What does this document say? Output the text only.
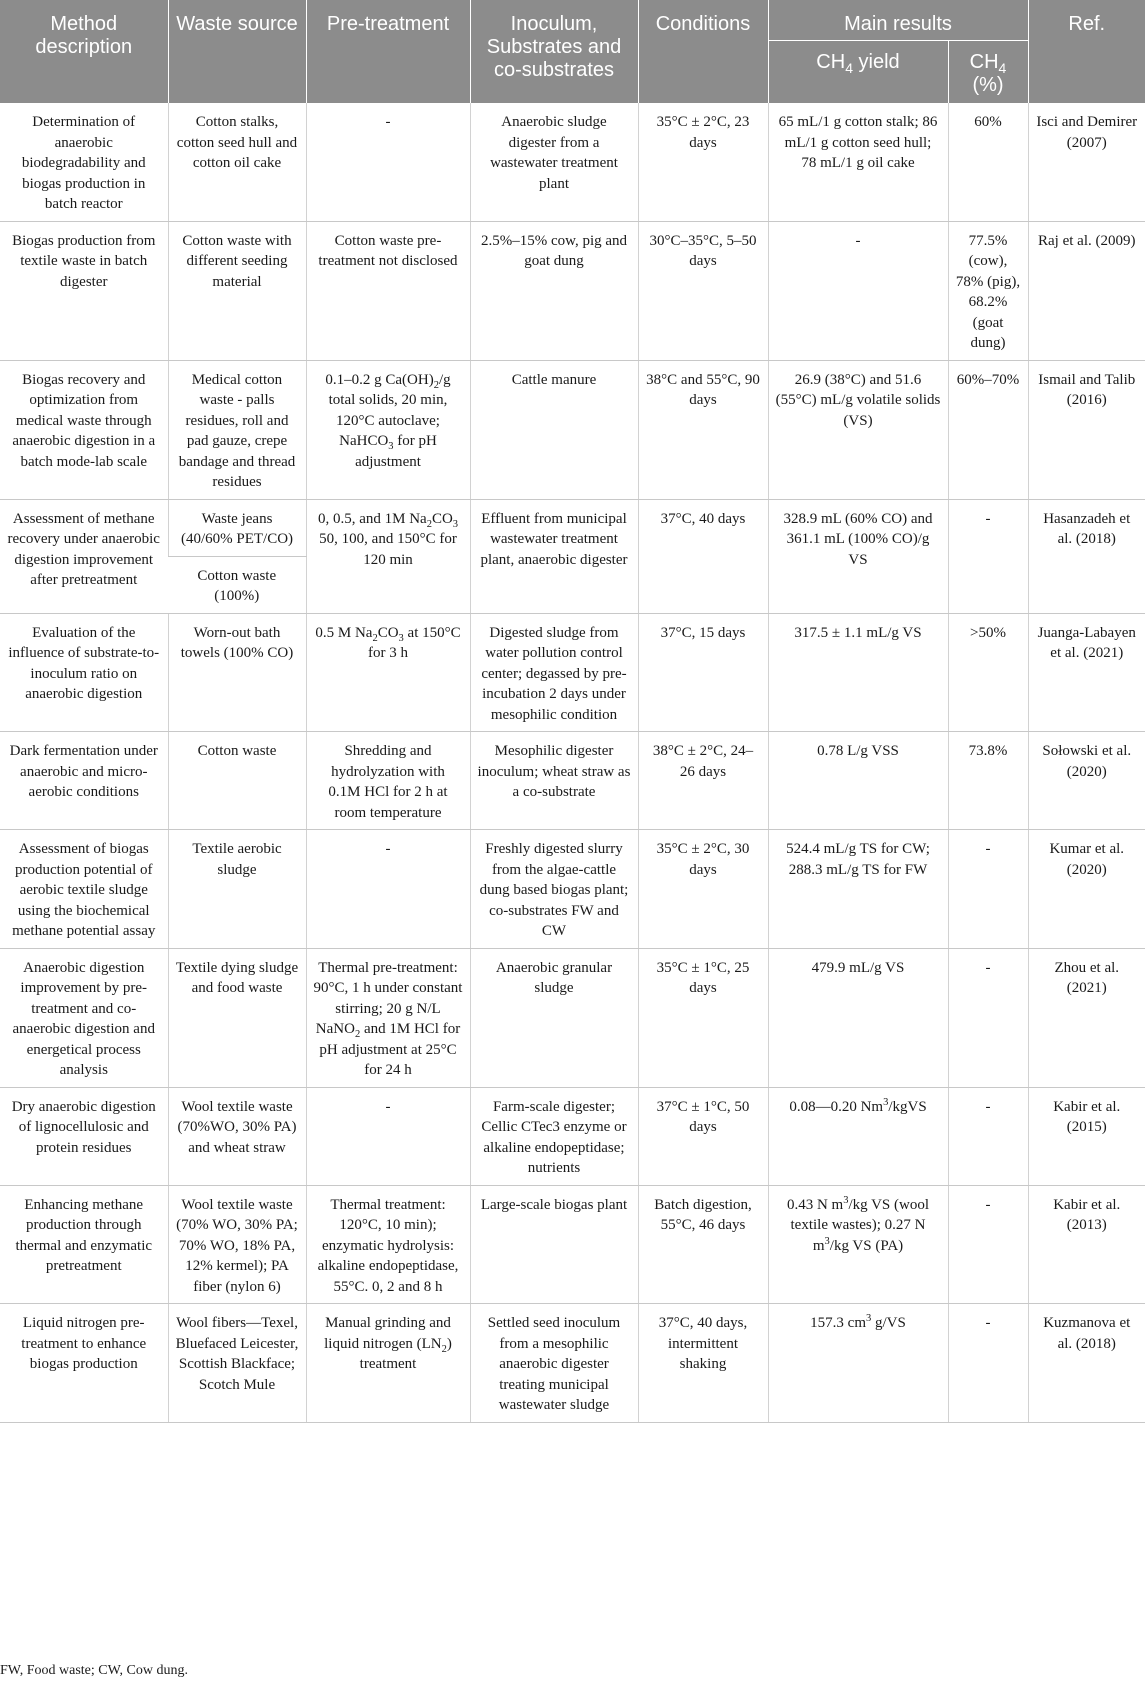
Method description	Waste source	Pre-treatment	Inoculum, Substrates and co-substrates	Conditions	Main results		Ref.
					$CH_4$ yield	$CH_4$ (%)	
Determination of anaerobic biodegradability and biogas production in batch reactor	Cotton stalks, cotton seed hull and cotton oil cake	-	Anaerobic sludge digester from a wastewater treatment plant	35°C ± 2°C, 23 days	65 mL/1 g cotton stalk; 86 mL/1 g cotton seed hull; 78 mL/1 g oil cake	60%	Isci and Demirer (2007)
Biogas production from textile waste in batch digester	Cotton waste with different seeding material	Cotton waste pre-treatment not disclosed	2.5%–15% cow, pig and goat dung	30°C–35°C, 5–50 days	-	77.5% (cow), 78% (pig), 68.2% (goat dung)	Raj et al. (2009)
Biogas recovery and optimization from medical waste through anaerobic digestion in a batch mode-lab scale	Medical cotton waste - palls residues, roll and pad gauze, crepe bandage and thread residues	0.1–0.2 g $Ca(OH)_2/g$ total solids, 20 min, 120°C autoclave; NaHCO$_3$ for pH adjustment	Cattle manure	38°C and 55°C, 90 days	26.9 (38°C) and 51.6 (55°C) mL/g volatile solids (VS)	60%–70%	Ismail and Talib (2016)
Assessment of methane recovery under anaerobic digestion improvement after pretreatment	Waste jeans (40/60% PET/CO)	0, 0.5, and 1M $Na_2CO_3$ 50, 100, and 150°C for 120 min	Effluent from municipal wastewater treatment plant, anaerobic digester	37°C, 40 days	328.9 mL (60% CO) and 361.1 mL (100% CO)/g VS	-	Hasanzadeh et al. (2018)
	Cotton waste (100%)						
Evaluation of the influence of substrate-to-inoculum ratio on anaerobic digestion	Worn-out bath towels (100% CO)	0.5 M $Na_2CO_3$ at 150°C for 3 h	Digested sludge from water pollution control center; degassed by pre-incubation 2 days under mesophilic condition	37°C, 15 days	317.5 ± 1.1 mL/g VS	>50%	Juanga-Labayen et al. (2021)
Dark fermentation under anaerobic and micro-aerobic conditions	Cotton waste	Shredding and hydrolyzation with 0.1M HCl for 2 h at room temperature	Mesophilic digester inoculum; wheat straw as a co-substrate	38°C ± 2°C, 24–26 days	0.78 L/g VSS	73.8%	Sołowski et al. (2020)
Assessment of biogas production potential of aerobic textile sludge using the biochemical methane potential assay	Textile aerobic sludge	-	Freshly digested slurry from the algae-cattle dung based biogas plant; co-substrates FW and CW	35°C ± 2°C, 30 days	524.4 mL/g TS for CW; 288.3 mL/g TS for FW	-	Kumar et al. (2020)
Anaerobic digestion improvement by pre-treatment and co-anaerobic digestion and energetical process analysis	Textile dying sludge and food waste	Thermal pre-treatment: 90°C, 1 h under constant stirring; 20 g N/L NaNO$_2$ and 1M HCl for pH adjustment at 25°C for 24 h	Anaerobic granular sludge	35°C ± 1°C, 25 days	479.9 mL/g VS	-	Zhou et al. (2021)
Dry anaerobic digestion of lignocellulosic and protein residues	Wool textile waste (70%WO, 30% PA) and wheat straw	-	Farm-scale digester; Cellic CTec3 enzyme or alkaline endopeptidase; nutrients	37°C ± 1°C, 50 days	0.08—0.20 Nm$^3$/kgVS	-	Kabir et al. (2015)
Enhancing methane production through thermal and enzymatic pretreatment	Wool textile waste (70% WO, 30% PA; 70% WO, 18% PA, 12% kermel); PA fiber (nylon 6)	Thermal treatment: 120°C, 10 min); enzymatic hydrolysis: alkaline endopeptidase, 55°C. 0, 2 and 8 h	Large-scale biogas plant	Batch digestion, 55°C, 46 days	0.43 N $m^3/kg$ VS (wool textile wastes); 0.27 N $m^3/kg$ VS (PA)	-	Kabir et al. (2013)
Liquid nitrogen pre-treatment to enhance biogas production	Wool fibers—Texel, Bluefaced Leicester, Scottish Blackface; Scotch Mule	Manual grinding and liquid nitrogen $(LN_2)$ treatment	Settled seed inoculum from a mesophilic anaerobic digester treating municipal wastewater sludge	37°C, 40 days, intermittent shaking	157.3 $cm^3$ g/VS	-	Kuzmanova et al. (2018)
FW, Food waste; CW, Cow dung.
